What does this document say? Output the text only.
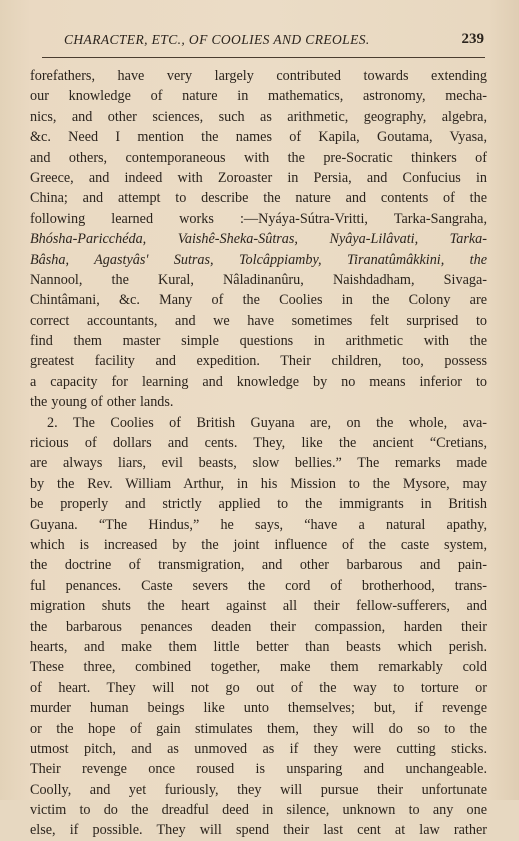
CHARACTER, ETC., OF COOLIES AND CREOLES.	239
forefathers, have very largely contributed towards extending
our knowledge of nature in mathematics, astronomy, mecha-
nics, and other sciences, such as arithmetic, geography, algebra,
&c. Need I mention the names of Kapila, Goutama, Vyasa,
and others, contemporaneous with the pre-Socratic thinkers of
Greece, and indeed with Zoroaster in Persia, and Confucius in
China; and attempt to describe the nature and contents of the
following learned works :—Nyáya-Sútra-Vritti, Tarka-Sangraha,
Bhósha-Paricchéda, Vaishê-Sheka-Sûtras, Nyâya-Lilâvati, Tarka-
Bâsha, Agastyâs' Sutras, Tolcâppiamby, Tiranatûmâkkini, the
Nannool, the Kural, Nâladinanûru, Naishdadham, Sivaga-
Chintâmani, &c. Many of the Coolies in the Colony are
correct accountants, and we have sometimes felt surprised to
find them master simple questions in arithmetic with the
greatest facility and expedition. Their children, too, possess
a capacity for learning and knowledge by no means inferior to
the young of other lands.
2. The Coolies of British Guyana are, on the whole, ava-
ricious of dollars and cents. They, like the ancient “Cretians,
are always liars, evil beasts, slow bellies.” The remarks made
by the Rev. William Arthur, in his Mission to the Mysore, may
be properly and strictly applied to the immigrants in British
Guyana. “The Hindus,” he says, “have a natural apathy,
which is increased by the joint influence of the caste system,
the doctrine of transmigration, and other barbarous and pain-
ful penances. Caste severs the cord of brotherhood, trans-
migration shuts the heart against all their fellow-sufferers, and
the barbarous penances deaden their compassion, harden their
hearts, and make them little better than beasts which perish.
These three, combined together, make them remarkably cold
of heart. They will not go out of the way to torture or
murder human beings like unto themselves; but, if revenge
or the hope of gain stimulates them, they will do so to the
utmost pitch, and as unmoved as if they were cutting sticks.
Their revenge once roused is unsparing and unchangeable.
Coolly, and yet furiously, they will pursue their unfortunate
victim to do the dreadful deed in silence, unknown to any one
else, if possible. They will spend their last cent at law rather
